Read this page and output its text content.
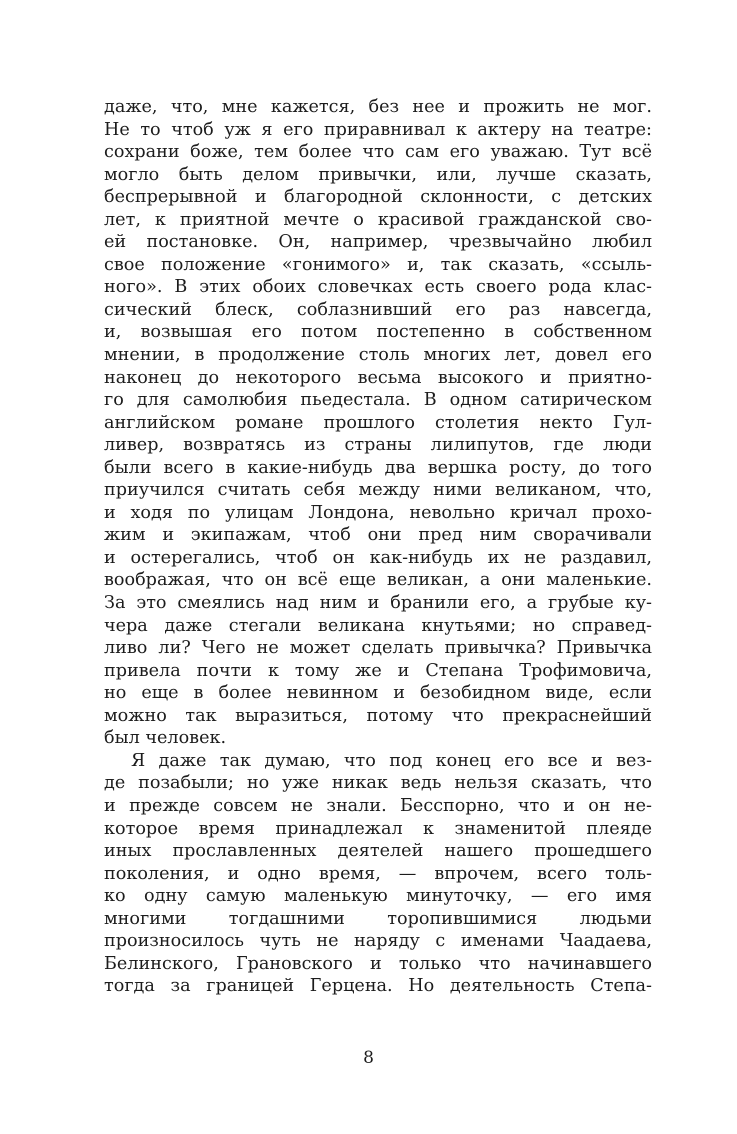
даже, что, мне кажется, без нее и прожить не мог.
Не то чтоб уж я его приравнивал к актеру на театре:
сохрани боже, тем более что сам его уважаю. Тут всё
могло быть делом привычки, или, лучше сказать,
беспрерывной и благородной склонности, с детских
лет, к приятной мечте о красивой гражданской сво-
ей постановке. Он, например, чрезвычайно любил
свое положение «гонимого» и, так сказать, «ссыль-
ного». В этих обоих словечках есть своего рода клас-
сический блеск, соблазнивший его раз навсегда,
и, возвышая его потом постепенно в собственном
мнении, в продолжение столь многих лет, довел его
наконец до некоторого весьма высокого и приятно-
го для самолюбия пьедестала. В одном сатирическом
английском романе прошлого столетия некто Гул-
ливер, возвратясь из страны лилипутов, где люди
были всего в какие-нибудь два вершка росту, до того
приучился считать себя между ними великаном, что,
и ходя по улицам Лондона, невольно кричал прохо-
жим и экипажам, чтоб они пред ним сворачивали
и остерегались, чтоб он как-нибудь их не раздавил,
воображая, что он всё еще великан, а они маленькие.
За это смеялись над ним и бранили его, а грубые ку-
чера даже стегали великана кнутьями; но справед-
ливо ли? Чего не может сделать привычка? Привычка
привела почти к тому же и Степана Трофимовича,
но еще в более невинном и безобидном виде, если
можно так выразиться, потому что прекраснейший
был человек.
Я даже так думаю, что под конец его все и вез-
де позабыли; но уже никак ведь нельзя сказать, что
и прежде совсем не знали. Бесспорно, что и он не-
которое время принадлежал к знаменитой плеяде
иных прославленных деятелей нашего прошедшего
поколения, и одно время, — впрочем, всего толь-
ко одну самую маленькую минуточку, — его имя
многими тогдашними торопившимися людьми
произносилось чуть не наряду с именами Чаадаева,
Белинского, Грановского и только что начинавшего
тогда за границей Герцена. Но деятельность Степа-
8
